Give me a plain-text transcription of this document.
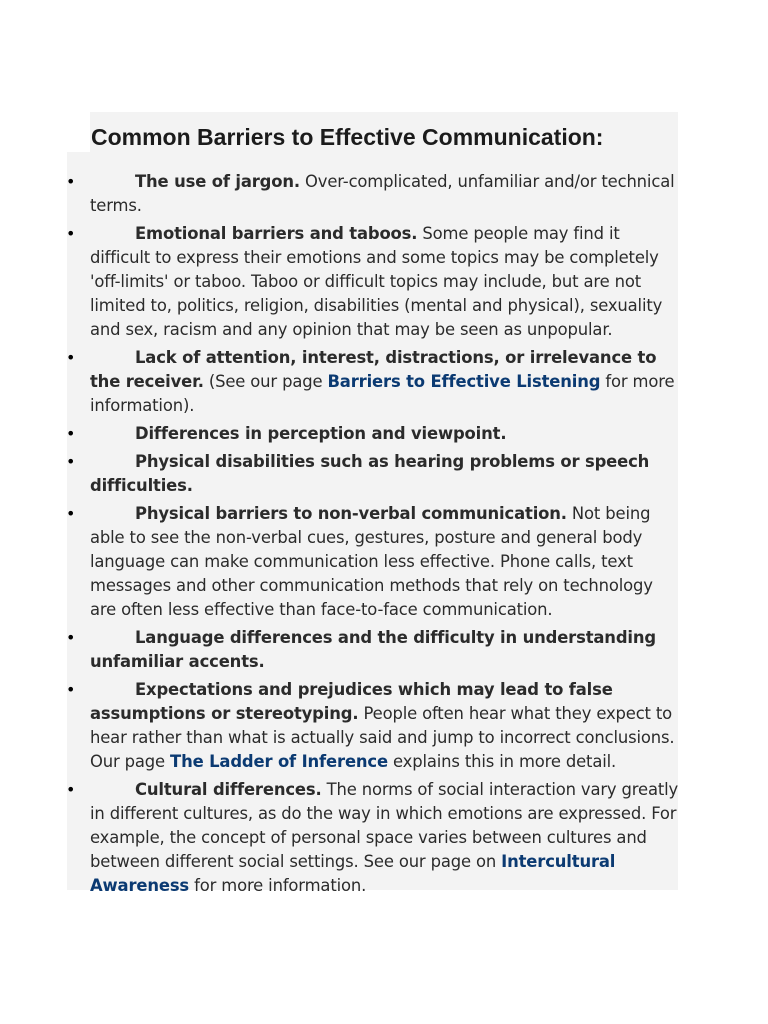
Common Barriers to Effective Communication:
•	The use of jargon. Over-complicated, unfamiliar and/or technical terms.
•	Emotional barriers and taboos. Some people may find it difficult to express their emotions and some topics may be completely 'off-limits' or taboo. Taboo or difficult topics may include, but are not limited to, politics, religion, disabilities (mental and physical), sexuality and sex, racism and any opinion that may be seen as unpopular.
•	Lack of attention, interest, distractions, or irrelevance to the receiver. (See our page Barriers to Effective Listening for more information).
•	Differences in perception and viewpoint.
•	Physical disabilities such as hearing problems or speech difficulties.
•	Physical barriers to non-verbal communication. Not being able to see the non-verbal cues, gestures, posture and general body language can make communication less effective. Phone calls, text messages and other communication methods that rely on technology are often less effective than face-to-face communication.
•	Language differences and the difficulty in understanding unfamiliar accents.
•	Expectations and prejudices which may lead to false assumptions or stereotyping. People often hear what they expect to hear rather than what is actually said and jump to incorrect conclusions. Our page The Ladder of Inference explains this in more detail.
•	Cultural differences. The norms of social interaction vary greatly in different cultures, as do the way in which emotions are expressed. For example, the concept of personal space varies between cultures and between different social settings. See our page on Intercultural Awareness for more information.
